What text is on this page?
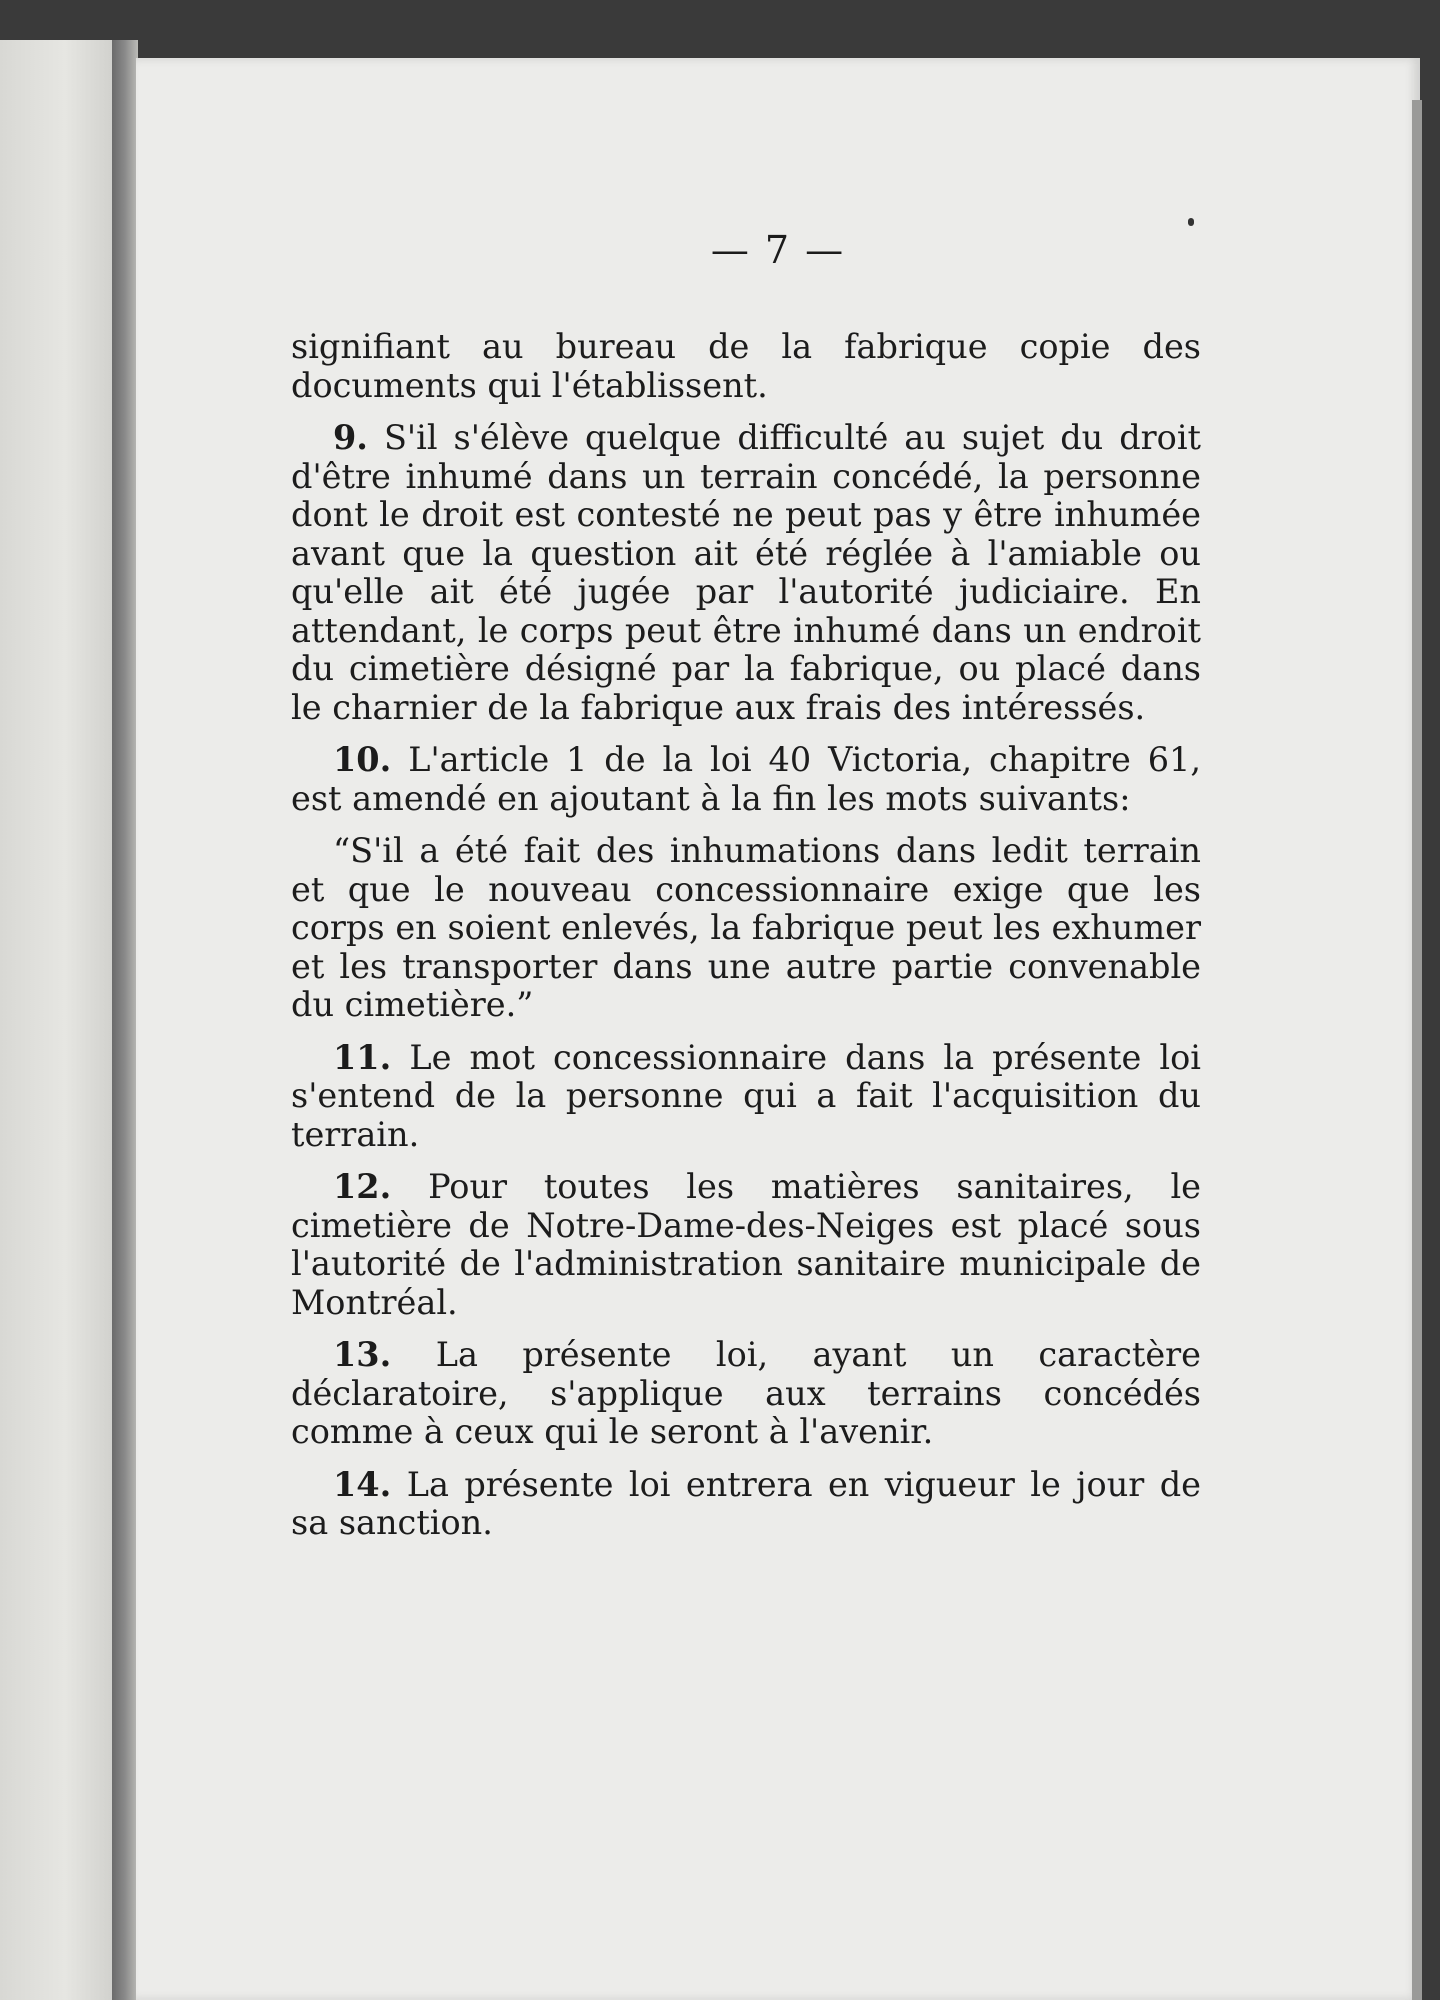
— 7 —

signifiant au bureau de la fabrique copie des documents qui l'établissent.

9. S'il s'élève quelque difficulté au sujet du droit d'être inhumé dans un terrain concédé, la personne dont le droit est contesté ne peut pas y être inhumée avant que la question ait été réglée à l'amiable ou qu'elle ait été jugée par l'autorité judiciaire. En attendant, le corps peut être inhumé dans un endroit du cimetière désigné par la fabrique, ou placé dans le charnier de la fabrique aux frais des intéressés.

10. L'article 1 de la loi 40 Victoria, chapitre 61, est amendé en ajoutant à la fin les mots suivants:

“S'il a été fait des inhumations dans ledit terrain et que le nouveau concessionnaire exige que les corps en soient enlevés, la fabrique peut les exhumer et les transporter dans une autre partie convenable du cimetière.”

11. Le mot concessionnaire dans la présente loi s'entend de la personne qui a fait l'acquisition du terrain.

12. Pour toutes les matières sanitaires, le cimetière de Notre-Dame-des-Neiges est placé sous l'autorité de l'administration sanitaire municipale de Montréal.

13. La présente loi, ayant un caractère déclaratoire, s'applique aux terrains concédés comme à ceux qui le seront à l'avenir.

14. La présente loi entrera en vigueur le jour de sa sanction.
